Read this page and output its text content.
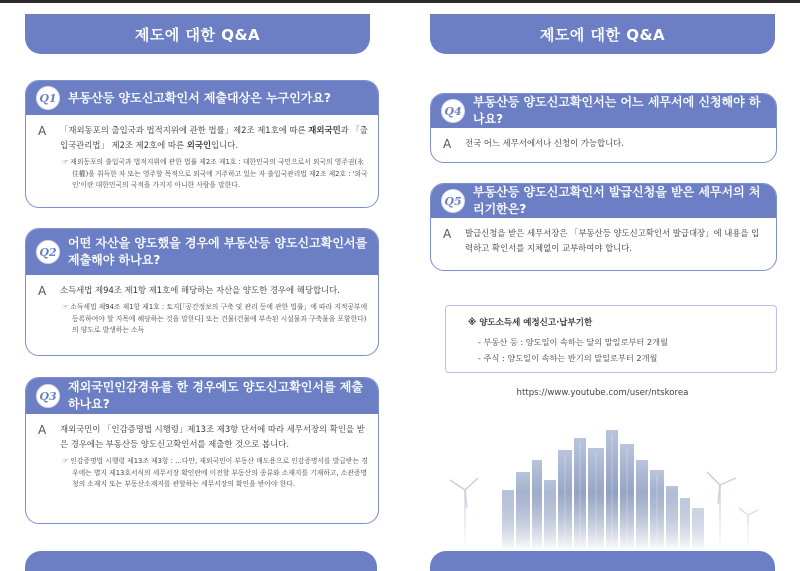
제도에 대한 Q&A
Q1 부동산등 양도신고확인서 제출대상은 누구인가요?
A	「재외동포의 출입국과 법적지위에 관한 법률」제2조 제1호에 따른 재외국민과 「출입국관리법」 제2조 제2호에 따른 외국인입니다.
☞ 재외동포의 출입국과 법적지위에 관한 법률 제2조 제1호 : 대한민국의 국민으로서 외국의 영주권(永住權)을 취득한 자 또는 영주할 목적으로 외국에 거주하고 있는 자 출입국관리법 제2조 제2호 : '외국인'이란 대한민국의 국적을 가지지 아니한 사람을 말한다.
Q2
어떤 자산을 양도했을 경우에 부동산등 양도신고확인서를 제출해야 하나요?
A	소득세법 제94조 제1항 제1호에 해당하는 자산을 양도한 경우에 해당합니다.
☞ 소득세법 제94조 제1항 제1호 : 토지[「공간정보의 구축 및 관리 등에 관한 법률」에 따라 지적공부에 등록하여야 할 지목에 해당하는 것을 말한다] 또는 건물(건물에 부속된 시설물과 구축물을 포함한다)의 양도로 발생하는 소득
Q3
재외국민인감경유를 한 경우에도 양도신고확인서를 제출하나요?
A	재외국민이 「인감증명법 시행령」제13조 제3항 단서에 따라 세무서장의 확인을 받은 경우에는 부동산등 양도신고확인서를 제출한 것으로 봅니다.
☞ 인감증명법 시행령 제13조 제3항 : …다만, 재외국민이 부동산 매도용으로 인감증명서를 발급받는 경우에는 별지 제13호서식의 세무서장 확인란에 이전할 부동산의 종류와 소재지를 기재하고, 소관증명청의 소재지 또는 부동산소재지를 관할하는 세무서장의 확인을 받아야 한다.
제도에 대한 Q&A
Q4
부동산등 양도신고확인서는 어느 세무서에 신청해야 하나요?
A	전국 어느 세무서에서나 신청이 가능합니다.
Q5
부동산등 양도신고확인서 발급신청을 받은 세무서의 처리기한은?
A	발급신청을 받은 세무서장은 「부동산등 양도신고확인서 발급대장」에 내용을 입력하고 확인서를 지체없이 교부하여야 합니다.
※ 양도소득세 예정신고·납부기한
- 부동산 등 : 양도일이 속하는 달의 말일로부터 2개월
- 주식 : 양도일이 속하는 반기의 말일로부터 2개월
https://www.youtube.com/user/ntskorea
